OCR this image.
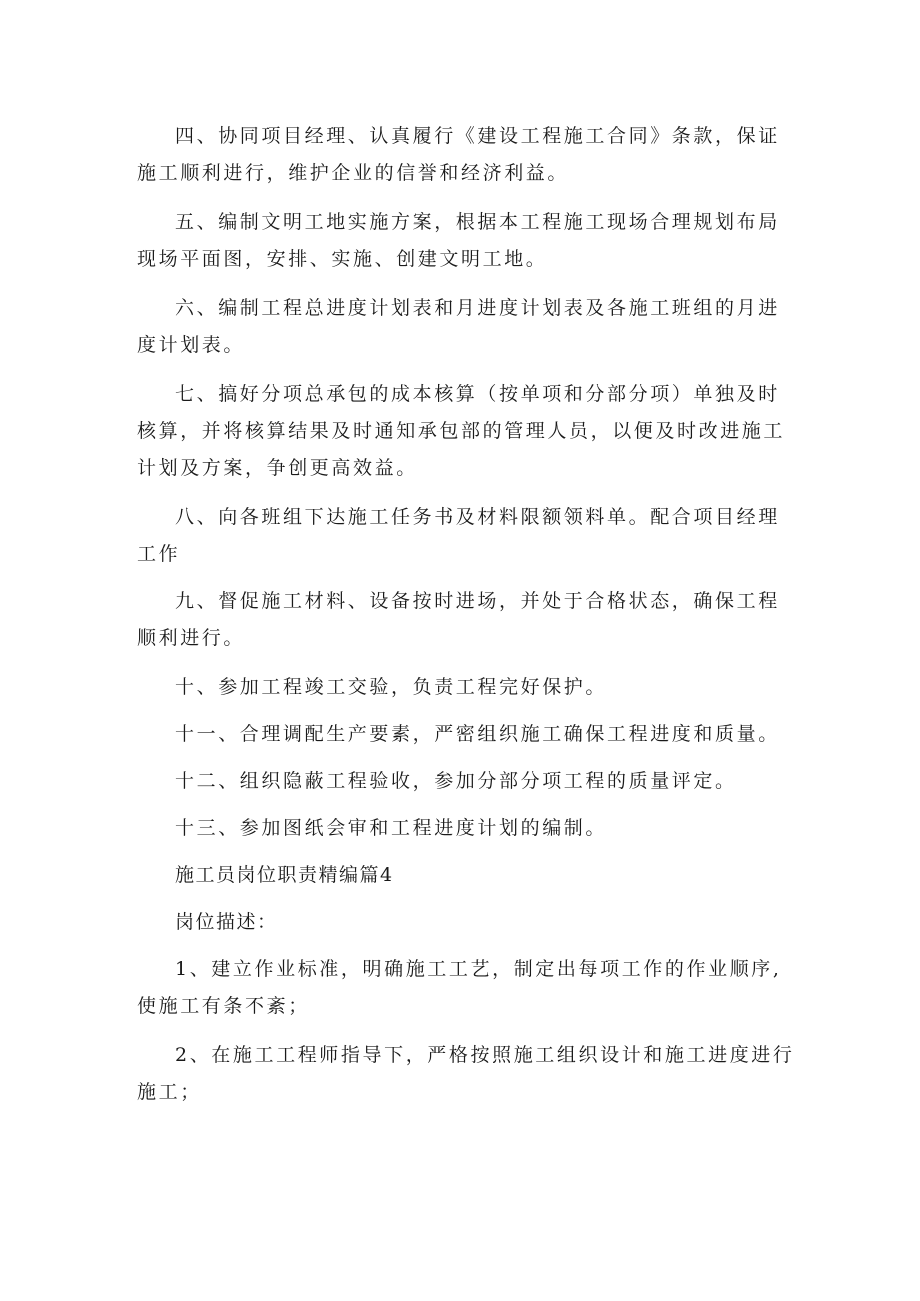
四、协同项目经理、认真履行《建设工程施工合同》条款，保证施工顺利进行，维护企业的信誉和经济利益。

五、编制文明工地实施方案，根据本工程施工现场合理规划布局现场平面图，安排、实施、创建文明工地。

六、编制工程总进度计划表和月进度计划表及各施工班组的月进度计划表。

七、搞好分项总承包的成本核算（按单项和分部分项）单独及时核算，并将核算结果及时通知承包部的管理人员，以便及时改进施工计划及方案，争创更高效益。

八、向各班组下达施工任务书及材料限额领料单。配合项目经理工作

九、督促施工材料、设备按时进场，并处于合格状态，确保工程顺利进行。

十、参加工程竣工交验，负责工程完好保护。

十一、合理调配生产要素，严密组织施工确保工程进度和质量。

十二、组织隐蔽工程验收，参加分部分项工程的质量评定。

十三、参加图纸会审和工程进度计划的编制。

施工员岗位职责精编篇4

岗位描述：

1、建立作业标准，明确施工工艺，制定出每项工作的作业顺序,使施工有条不紊；

2、在施工工程师指导下，严格按照施工组织设计和施工进度进行施工；
